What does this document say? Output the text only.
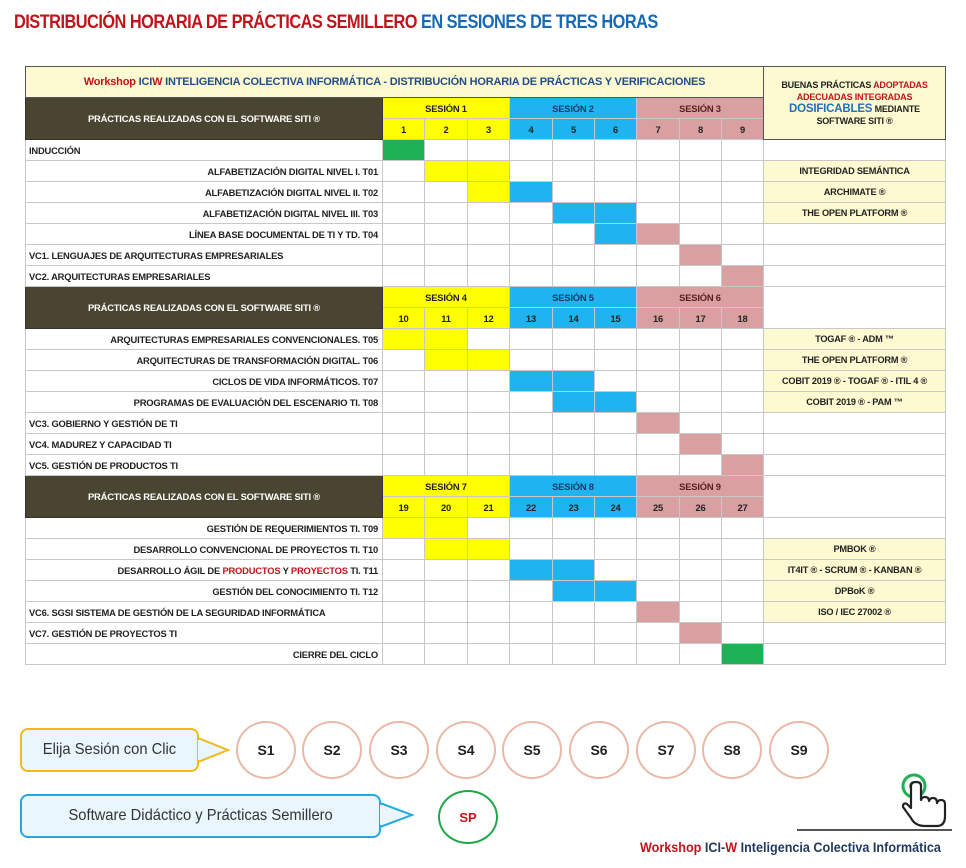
DISTRIBUCIÓN HORARIA DE PRÁCTICAS SEMILLERO EN SESIONES DE TRES HORAS
Workshop ICIW INTELIGENCIA COLECTIVA INFORMÁTICA - DISTRIBUCIÓN HORARIA DE PRÁCTICAS Y VERIFICACIONES										BUENAS PRÁCTICAS ADOPTADAS
ADECUADAS INTEGRADAS
DOSIFICABLES MEDIANTE
SOFTWARE SITI ®

PRÁCTICAS REALIZADAS CON EL SOFTWARE SITI ®	SESIÓN 1			SESIÓN 2			SESIÓN 3			
	1	2	3	4	5	6	7	8	9	
INDUCCIÓN										
ALFABETIZACIÓN DIGITAL NIVEL I. T01										INTEGRIDAD SEMÁNTICA
ALFABETIZACIÓN DIGITAL NIVEL II. T02										ARCHIMATE ®
ALFABETIZACIÓN DIGITAL NIVEL III. T03										THE OPEN PLATFORM ®
LÍNEA BASE DOCUMENTAL DE TI Y TD. T04										
VC1. LENGUAJES DE ARQUITECTURAS EMPRESARIALES										
VC2. ARQUITECTURAS EMPRESARIALES										
PRÁCTICAS REALIZADAS CON EL SOFTWARE SITI ®	SESIÓN 4			SESIÓN 5			SESIÓN 6			
	10	11	12	13	14	15	16	17	18	
ARQUITECTURAS EMPRESARIALES CONVENCIONALES. T05										TOGAF ® - ADM ™
ARQUITECTURAS DE TRANSFORMACIÓN DIGITAL. T06										THE OPEN PLATFORM ®
CICLOS DE VIDA INFORMÁTICOS. T07										COBIT 2019 ® - TOGAF ® - ITIL 4 ®
PROGRAMAS DE EVALUACIÓN DEL ESCENARIO TI. T08										COBIT 2019 ® - PAM ™
VC3. GOBIERNO Y GESTIÓN DE TI										
VC4. MADUREZ Y CAPACIDAD TI										
VC5. GESTIÓN DE PRODUCTOS TI										
PRÁCTICAS REALIZADAS CON EL SOFTWARE SITI ®	SESIÓN 7			SESIÓN 8			SESIÓN 9			
	19	20	21	22	23	24	25	26	27	
GESTIÓN DE REQUERIMIENTOS TI. T09										
DESARROLLO CONVENCIONAL DE PROYECTOS TI. T10										PMBOK ®
DESARROLLO ÁGIL DE PRODUCTOS Y PROYECTOS TI. T11										IT4IT ® - SCRUM ® - KANBAN ®
GESTIÓN DEL CONOCIMIENTO TI. T12										DPBoK ®
VC6. SGSI SISTEMA DE GESTIÓN DE LA SEGURIDAD INFORMÁTICA										ISO / IEC 27002 ®
VC7. GESTIÓN DE PROYECTOS TI										
CIERRE DEL CICLO										
Elija Sesión con Clic
Software Didáctico y Prácticas Semillero
S1	S2	S3	S4	S5	S6	S7	S8	S9
SP
Workshop ICI-W Inteligencia Colectiva Informática
